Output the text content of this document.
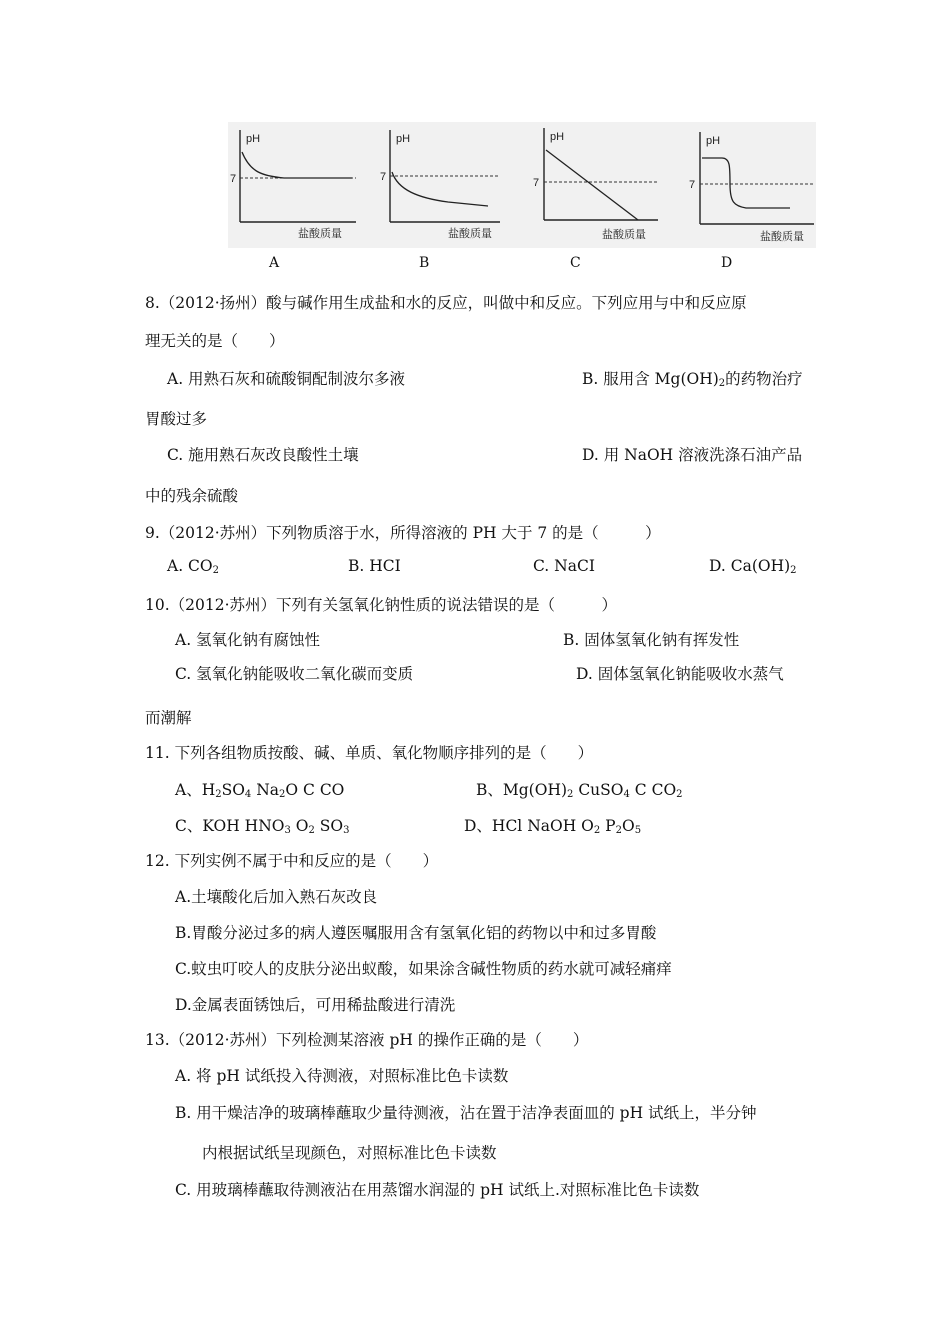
pH
7
盐酸质量
pH
7
盐酸质量
pH
7
盐酸质量
pH
7
盐酸质量
A	B	C	D
8.（2012·扬州）酸与碱作用生成盐和水的反应，叫做中和反应。下列应用与中和反应原
理无关的是（　　）
A. 用熟石灰和硫酸铜配制波尔多液	B. 服用含 $Mg(OH)_2$的药物治疗
胃酸过多
C. 施用熟石灰改良酸性土壤	D. 用 NaOH 溶液洗涤石油产品
中的残余硫酸
9.（2012·苏州）下列物质溶于水，所得溶液的 PH 大于 7 的是（　　　）
A. $CO_2$	B. HCI	C. NaCI	D. $Ca(OH)_2$
10.（2012·苏州）下列有关氢氧化钠性质的说法错误的是（　　　）
A. 氢氧化钠有腐蚀性	B. 固体氢氧化钠有挥发性
C. 氢氧化钠能吸收二氧化碳而变质	D. 固体氢氧化钠能吸收水蒸气
而潮解
11. 下列各组物质按酸、碱、单质、氧化物顺序排列的是（　　）
A、$H_2SO_4$ $Na_2O$ C CO	B、$Mg(OH)_2$ CuSO$_4$ C $CO_2$
C、KOH $HNO_3$ $O_2$ $SO_3$	D、HCl NaOH $O_2$ $P_2O_5$
12. 下列实例不属于中和反应的是（　　）
A.土壤酸化后加入熟石灰改良
B.胃酸分泌过多的病人遵医嘱服用含有氢氧化铝的药物以中和过多胃酸
C.蚊虫叮咬人的皮肤分泌出蚁酸，如果涂含碱性物质的药水就可减轻痛痒
D.金属表面锈蚀后，可用稀盐酸进行清洗
13.（2012·苏州）下列检测某溶液 pH 的操作正确的是（　　）
A. 将 pH 试纸投入待测液，对照标准比色卡读数
B. 用干燥洁净的玻璃棒蘸取少量待测液，沾在置于洁净表面皿的 pH 试纸上，半分钟
内根据试纸呈现颜色，对照标准比色卡读数
C. 用玻璃棒蘸取待测液沾在用蒸馏水润湿的 pH 试纸上.对照标准比色卡读数
